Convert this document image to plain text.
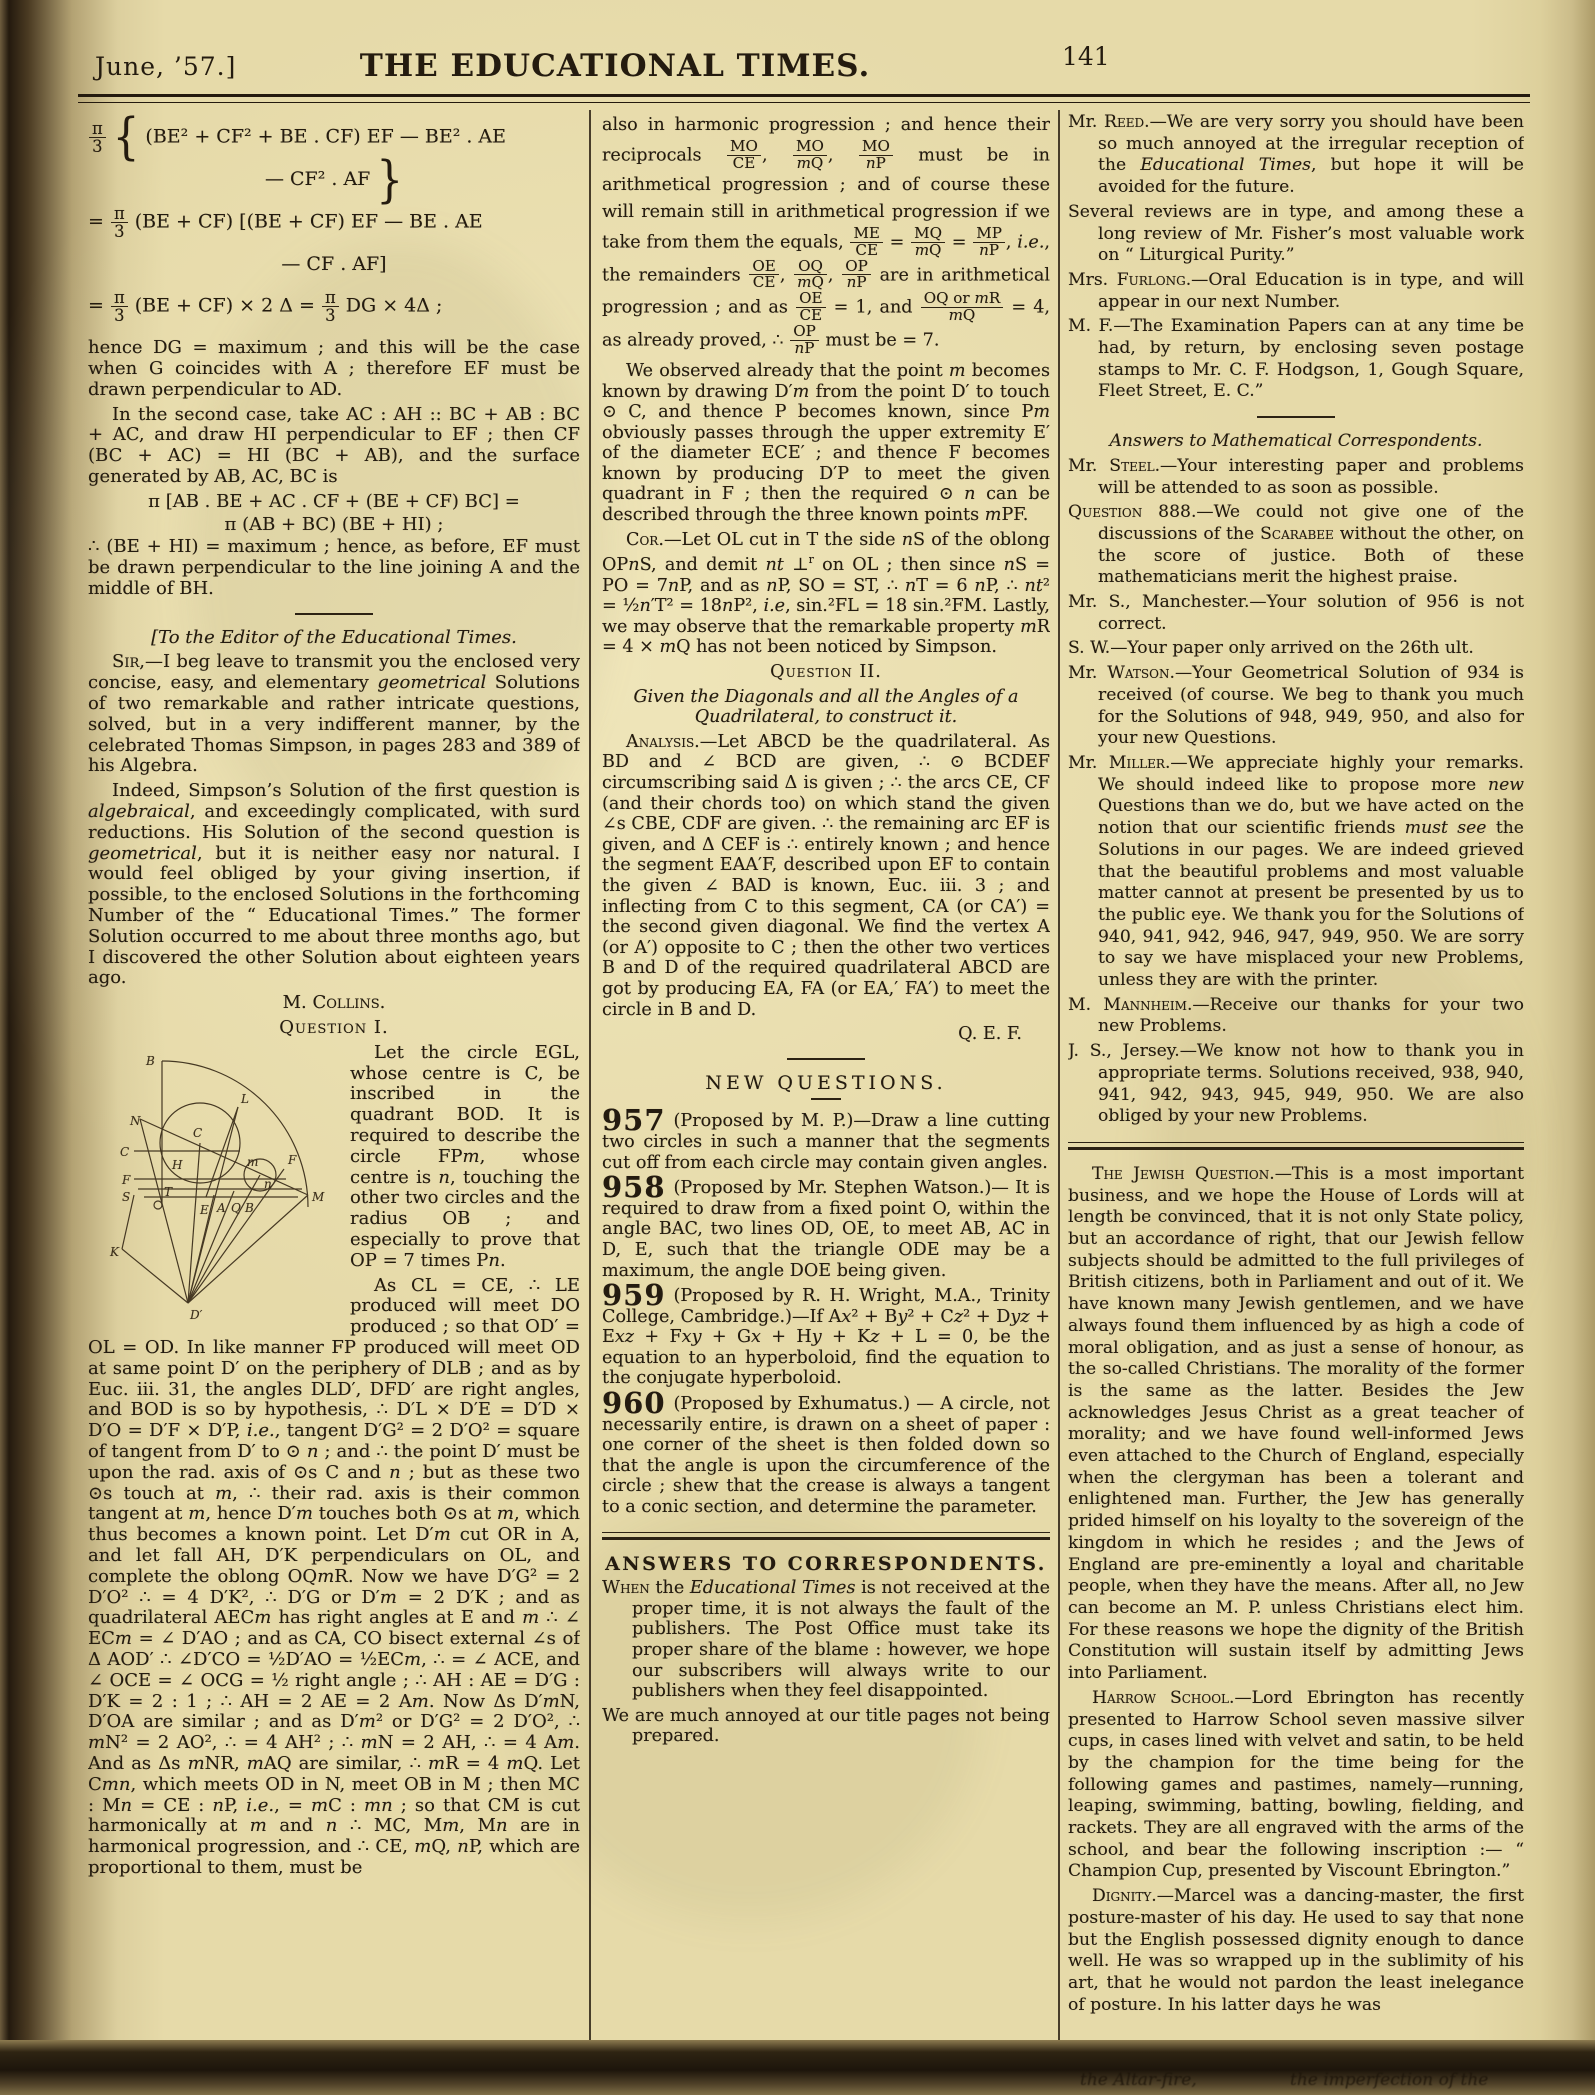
June, ’57.]	THE EDUCATIONAL TIMES.	141
$\frac{\pi}{3}$ { (BE² + CF² + BE . CF) EF — BE² . AE
— CF² . AF }
= $\frac{\pi}{3} (BE + CF) [(BE + CF)$ EF — BE . AE
— CF . AF]
= $\frac{\pi}{3} (BE + CF) \times 2$ $\Delta = \frac{\pi}{3}$ DG × 4Δ ;

hence DG = maximum ; and this will be the case when G coincides with A ; therefore EF must be drawn perpendicular to AD.

In the second case, take AC : AH :: BC + AB : BC + AC, and draw HI perpendicular to EF ; then CF (BC + AC) = HI (BC + AB), and the surface generated by AB, AC, BC is

π [AB . BE + AC . CF + (BE + CF) BC] =
π (AB + BC) (BE + HI) ;

∴ (BE + HI) = maximum ; hence, as before, EF must be drawn perpendicular to the line joining A and the middle of BH.

[To the Editor of the Educational Times.

Sir,—I beg leave to transmit you the enclosed very concise, easy, and elementary geometrical Solutions of two remarkable and rather intricate questions, solved, but in a very indifferent manner, by the celebrated Thomas Simpson, in pages 283 and 389 of his Algebra.

Indeed, Simpson’s Solution of the first question is algebraical, and exceedingly complicated, with surd reductions. His Solution of the second question is geometrical, but it is neither easy nor natural. I would feel obliged by your giving insertion, if possible, to the enclosed Solutions in the forthcoming Number of the “ Educational Times.” The former Solution occurred to me about three months ago, but I discovered the other Solution about eighteen years ago.

M. Collins.

Question I.

B
N
C
F
S
H
T
C
L
E A Q B
F
M
m
n
K
D′

Let the circle EGL, whose centre is C, be inscribed in the quadrant BOD. It is required to describe the circle FPm, whose centre is n, touching the other two circles and the radius OB ; and especially to prove that OP = 7 times Pn.

As CL = CE, ∴ LE produced will meet DO produced ; so that OD′ = OL = OD. In like manner FP produced will meet OD at same point D′ on the periphery of DLB ; and as by Euc. iii. 31, the angles DLD′, DFD′ are right angles, and BOD is so by hypothesis, ∴ D′L × D′E = D′D × D′O = D′F × D′P, i.e., tangent D′G² = 2 D′O² = square of tangent from D′ to ⊙ n ; and ∴ the point D′ must be upon the rad. axis of ⊙s C and n ; but as these two ⊙s touch at m, ∴ their rad. axis is their common tangent at m, hence D′m touches both ⊙s at m, which thus becomes a known point. Let D′m cut OR in A, and let fall AH, D′K perpendiculars on OL, and complete the oblong OQmR. Now we have D′G² = 2 D′O² ∴ = 4 D′K², ∴ D′G or D′m = 2 D′K ; and as quadrilateral AECm has right angles at E and m ∴ ∠ ECm = ∠ D′AO ; and as CA, CO bisect external ∠s of Δ AOD′ ∴ ∠D′CO = ½D′AO = ½ECm, ∴ = ∠ ACE, and ∠ OCE = ∠ OCG = ½ right angle ; ∴ AH : AE = D′G : D′K = 2 : 1 ; ∴ AH = 2 AE = 2 Am. Now Δs D′mN, D′OA are similar ; and as D′m² or D′G² = 2 D′O², ∴ mN² = 2 AO², ∴ = 4 AH² ; ∴ mN = 2 AH, ∴ = 4 Am. And as Δs mNR, mAQ are similar, ∴ mR = 4 mQ. Let Cmn, which meets OD in N, meet OB in M ; then MC : Mn = CE : nP, i.e., = mC : mn ; so that CM is cut harmonically at m and n ∴ MC, Mm, Mn are in harmonical progression, and ∴ CE, mQ, nP, which are proportional to them, must be

also in harmonic progression ; and hence their reciprocals $\frac{MO}{CE}$ , $\frac{MO}{mQ}$ , $\frac{MO}{nP}$ must be in arithmetical progression ; and of course these will remain still in arithmetical progression if we take from them the equals, $\frac{ME}{CE} = \frac{MQ}{mQ} = \frac{MP}{nP}$ , i.e., the remainders $\frac{OE}{CE}$ , $\frac{OQ}{mQ}$ , $\frac{OP}{nP}$ are in arithmetical progression ; and as $\frac{OE}{CE} = 1$, and $\frac{\text{OQ or mR}}{mQ} = 4$, as already proved, ∴ $\frac{OP}{nP}$ must be = 7.

We observed already that the point m becomes known by drawing D′m from the point D′ to touch ⊙ C, and thence P becomes known, since Pm obviously passes through the upper extremity E′ of the diameter ECE′ ; and thence F becomes known by producing D′P to meet the given quadrant in F ; then the required ⊙ n can be described through the three known points mPF.

Cor.—Let OL cut in T the side nS of the oblong OPnS, and demit nt ⊥$^r$ on OL ; then since nS = PO = 7nP, and as nP, SO = ST, ∴ nT = 6 nP, ∴ nt² = ½n′T² = 18nP², i.e, sin.²FL = 18 sin.²FM. Lastly, we may observe that the remarkable property mR = 4 × mQ has not been noticed by Simpson.

Question II.

Given the Diagonals and all the Angles of a Quadrilateral, to construct it.

Analysis.—Let ABCD be the quadrilateral. As BD and ∠ BCD are given, ∴ ⊙ BCDEF circumscribing said Δ is given ; ∴ the arcs CE, CF (and their chords too) on which stand the given ∠s CBE, CDF are given. ∴ the remaining arc EF is given, and Δ CEF is ∴ entirely known ; and hence the segment EAA′F, described upon EF to contain the given ∠ BAD is known, Euc. iii. 3 ; and inflecting from C to this segment, CA (or CA′) = the second given diagonal. We find the vertex A (or A′) opposite to C ; then the other two vertices B and D of the required quadrilateral ABCD are got by producing EA, FA (or EA,′ FA′) to meet the circle in B and D.

Q. E. F.

NEW QUESTIONS.

957 (Proposed by M. P.)—Draw a line cutting two circles in such a manner that the segments cut off from each circle may contain given angles.

958 (Proposed by Mr. Stephen Watson.)— It is required to draw from a fixed point O, within the angle BAC, two lines OD, OE, to meet AB, AC in D, E, such that the triangle ODE may be a maximum, the angle DOE being given.

959 (Proposed by R. H. Wright, M.A., Trinity College, Cambridge.)—If Ax² + By² + Cz² + Dyz + Exz + Fxy + Gx + Hy + Kz + L = 0, be the equation to an hyperboloid, find the equation to the conjugate hyperboloid.

960 (Proposed by Exhumatus.) — A circle, not necessarily entire, is drawn on a sheet of paper : one corner of the sheet is then folded down so that the angle is upon the circumference of the circle ; shew that the crease is always a tangent to a conic section, and determine the parameter.

ANSWERS TO CORRESPONDENTS.

When the Educational Times is not received at the proper time, it is not always the fault of the publishers. The Post Office must take its proper share of the blame : however, we hope our subscribers will always write to our publishers when they feel disappointed.

We are much annoyed at our title pages not being prepared.

Mr. Reed.—We are very sorry you should have been so much annoyed at the irregular reception of the Educational Times, but hope it will be avoided for the future.

Several reviews are in type, and among these a long review of Mr. Fisher’s most valuable work on “ Liturgical Purity.”

Mrs. Furlong.—Oral Education is in type, and will appear in our next Number.

M. F.—The Examination Papers can at any time be had, by return, by enclosing seven postage stamps to Mr. C. F. Hodgson, 1, Gough Square, Fleet Street, E. C.”

Answers to Mathematical Correspondents.

Mr. Steel.—Your interesting paper and problems will be attended to as soon as possible.

Question 888.—We could not give one of the discussions of the Scarabee without the other, on the score of justice. Both of these mathematicians merit the highest praise.

Mr. S., Manchester.—Your solution of 956 is not correct.

S. W.—Your paper only arrived on the 26th ult.

Mr. Watson.—Your Geometrical Solution of 934 is received (of course. We beg to thank you much for the Solutions of 948, 949, 950, and also for your new Questions.

Mr. Miller.—We appreciate highly your remarks. We should indeed like to propose more new Questions than we do, but we have acted on the notion that our scientific friends must see the Solutions in our pages. We are indeed grieved that the beautiful problems and most valuable matter cannot at present be presented by us to the public eye. We thank you for the Solutions of 940, 941, 942, 946, 947, 949, 950. We are sorry to say we have misplaced your new Problems, unless they are with the printer.

M. Mannheim.—Receive our thanks for your two new Problems.

J. S., Jersey.—We know not how to thank you in appropriate terms. Solutions received, 938, 940, 941, 942, 943, 945, 949, 950. We are also obliged by your new Problems.

The Jewish Question.—This is a most important business, and we hope the House of Lords will at length be convinced, that it is not only State policy, but an accordance of right, that our Jewish fellow subjects should be admitted to the full privileges of British citizens, both in Parliament and out of it. We have known many Jewish gentlemen, and we have always found them influenced by as high a code of moral obligation, and as just a sense of honour, as the so-called Christians. The morality of the former is the same as the latter. Besides the Jew acknowledges Jesus Christ as a great teacher of morality; and we have found well-informed Jews even attached to the Church of England, especially when the clergyman has been a tolerant and enlightened man. Further, the Jew has generally prided himself on his loyalty to the sovereign of the kingdom in which he resides ; and the Jews of England are pre-eminently a loyal and charitable people, when they have the means. After all, no Jew can become an M. P. unless Christians elect him. For these reasons we hope the dignity of the British Constitution will sustain itself by admitting Jews into Parliament.

Harrow School.—Lord Ebrington has recently presented to Harrow School seven massive silver cups, in cases lined with velvet and satin, to be held by the champion for the time being for the following games and pastimes, namely—running, leaping, swimming, batting, bowling, fielding, and rackets. They are all engraved with the arms of the school, and bear the following inscription :— “ Champion Cup, presented by Viscount Ebrington.”

Dignity.—Marcel was a dancing-master, the first posture-master of his day. He used to say that none but the English possessed dignity enough to dance well. He was so wrapped up in the sublimity of his art, that he would not pardon the least inelegance of posture. In his latter days he was

the Altar-fire,	the imperfection of the
